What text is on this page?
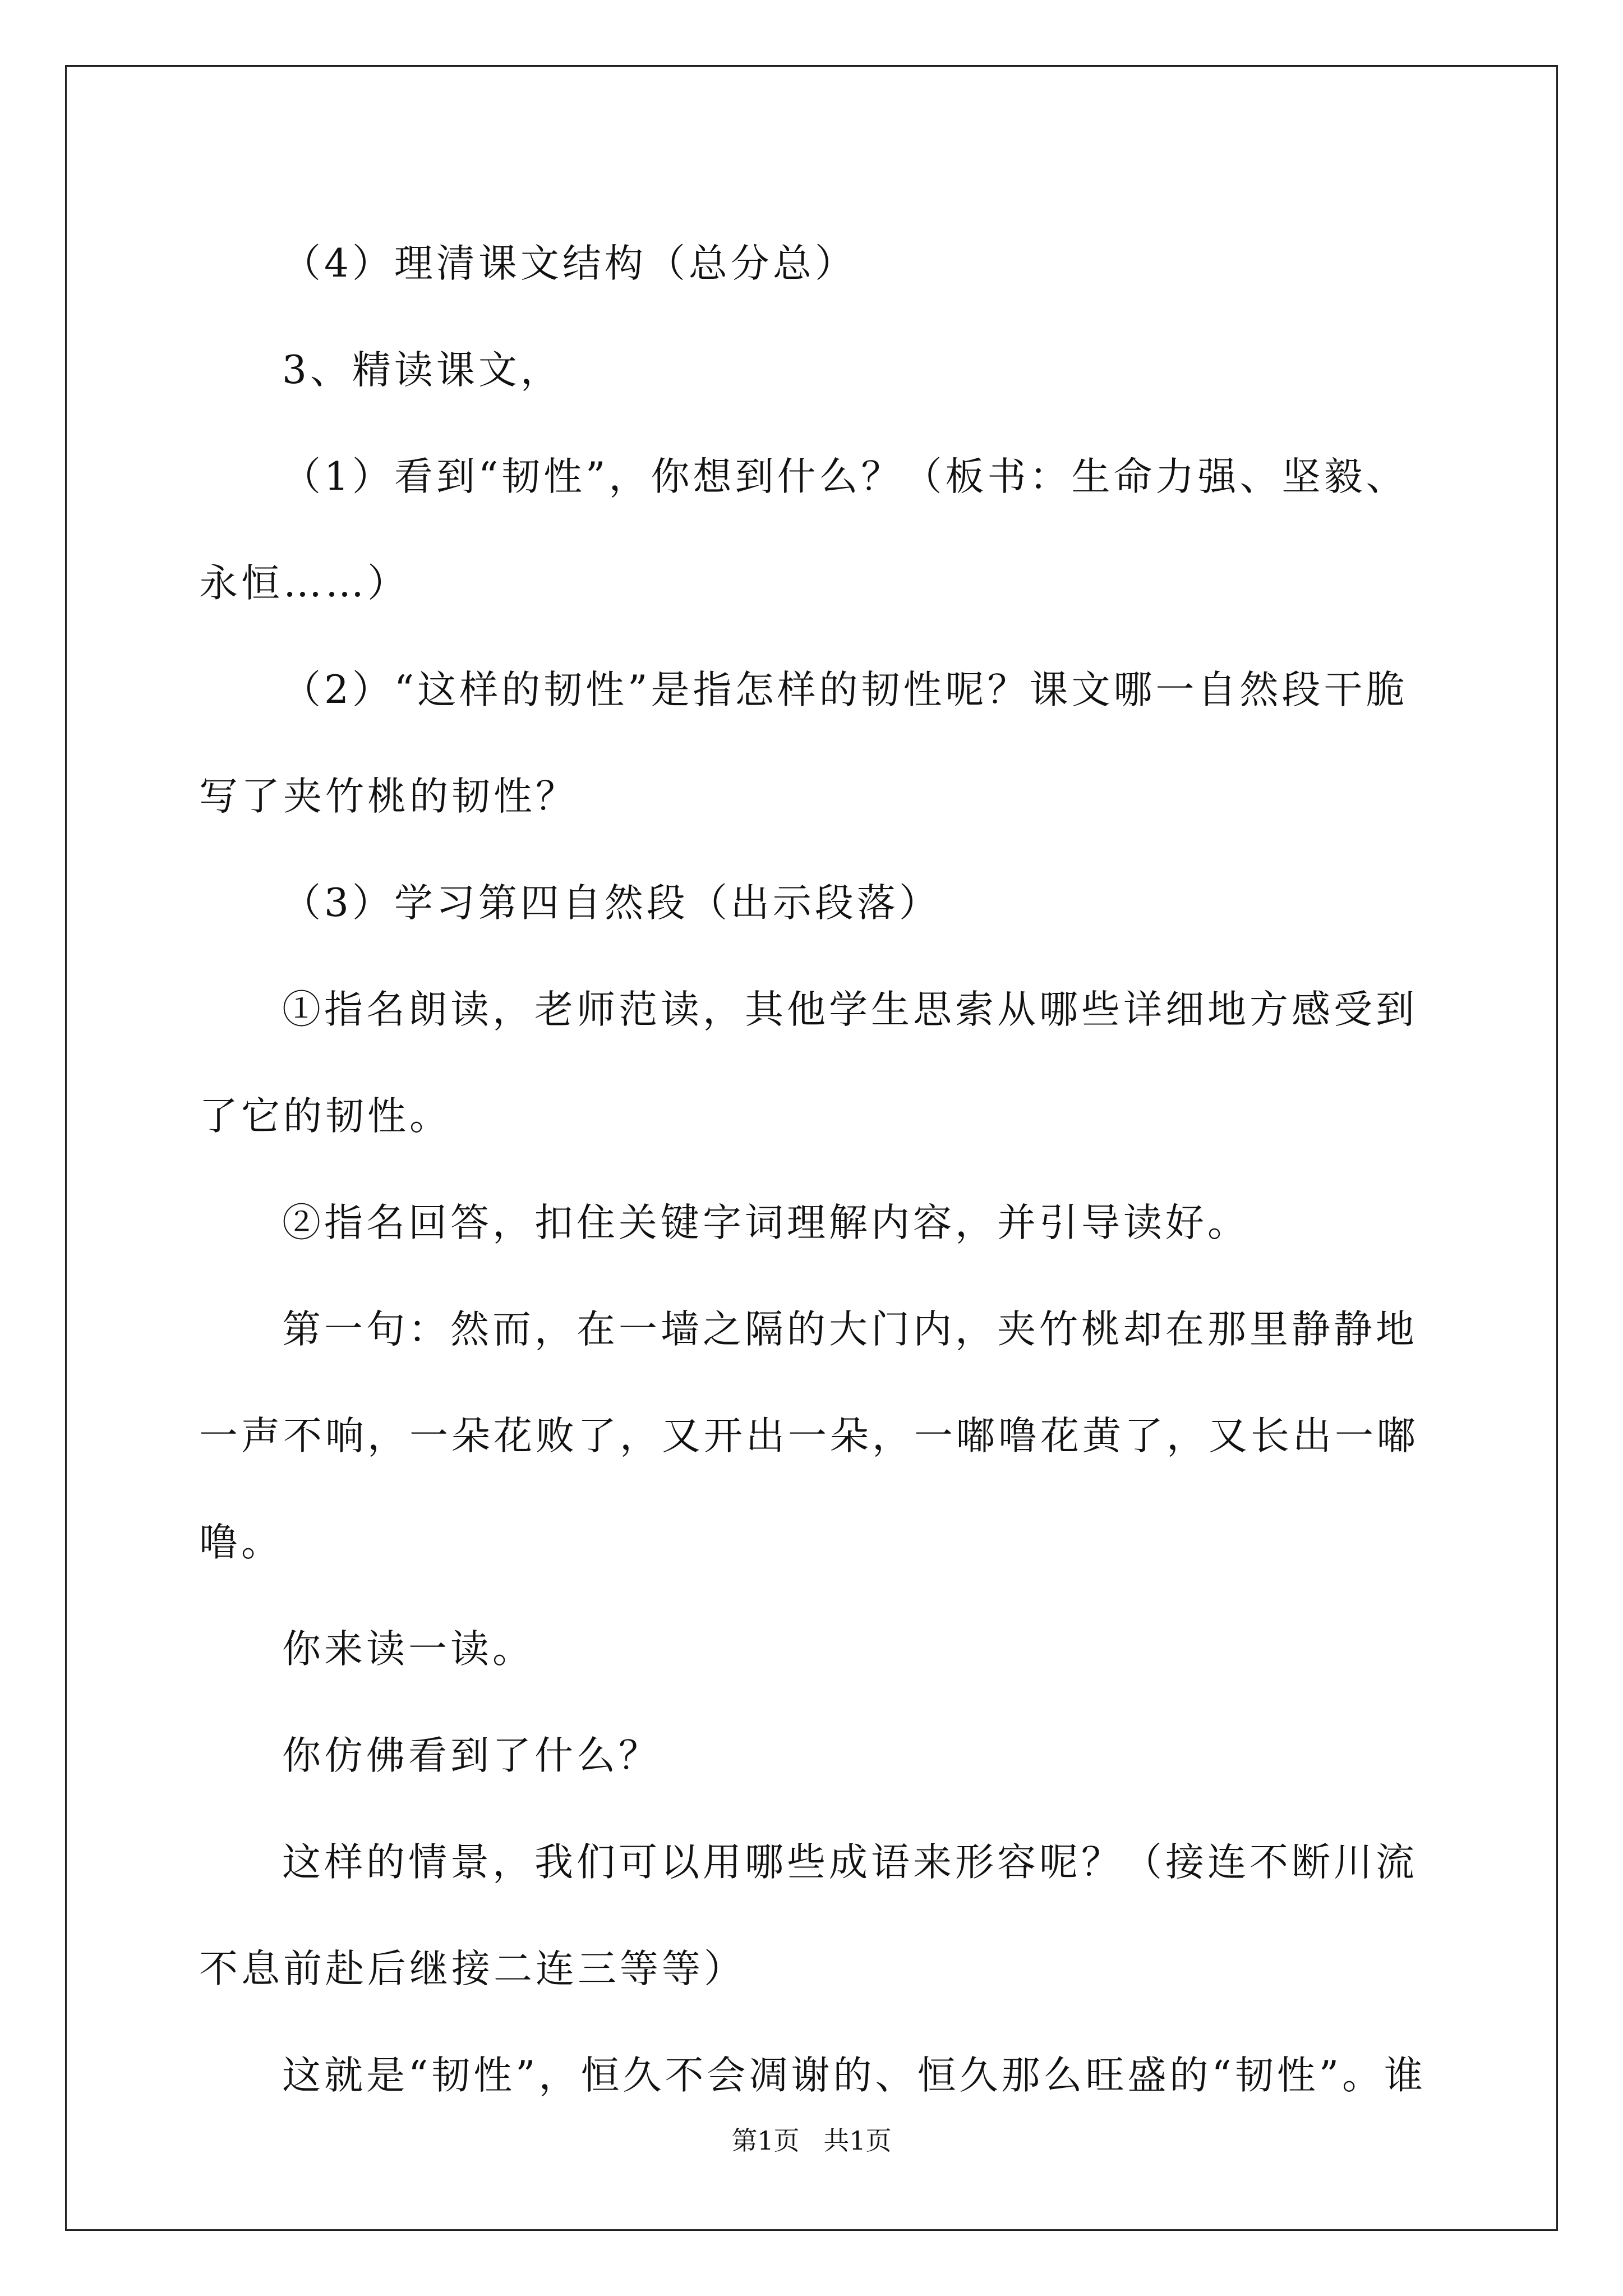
（4）理清课文结构（总分总）

3、精读课文，

（1）看到“韧性”，你想到什么？（板书：生命力强、坚毅、永恒……）

（2）“这样的韧性”是指怎样的韧性呢？课文哪一自然段干脆写了夹竹桃的韧性？

（3）学习第四自然段（出示段落）

①指名朗读，老师范读，其他学生思索从哪些详细地方感受到了它的韧性。

②指名回答，扣住关键字词理解内容，并引导读好。

第一句：然而，在一墙之隔的大门内，夹竹桃却在那里静静地一声不响，一朵花败了，又开出一朵，一嘟噜花黄了，又长出一嘟噜。

你来读一读。

你仿佛看到了什么？

这样的情景，我们可以用哪些成语来形容呢？（接连不断川流不息前赴后继接二连三等等）

这就是“韧性”，恒久不会凋谢的、恒久那么旺盛的“韧性”。谁

第1页 共1页
